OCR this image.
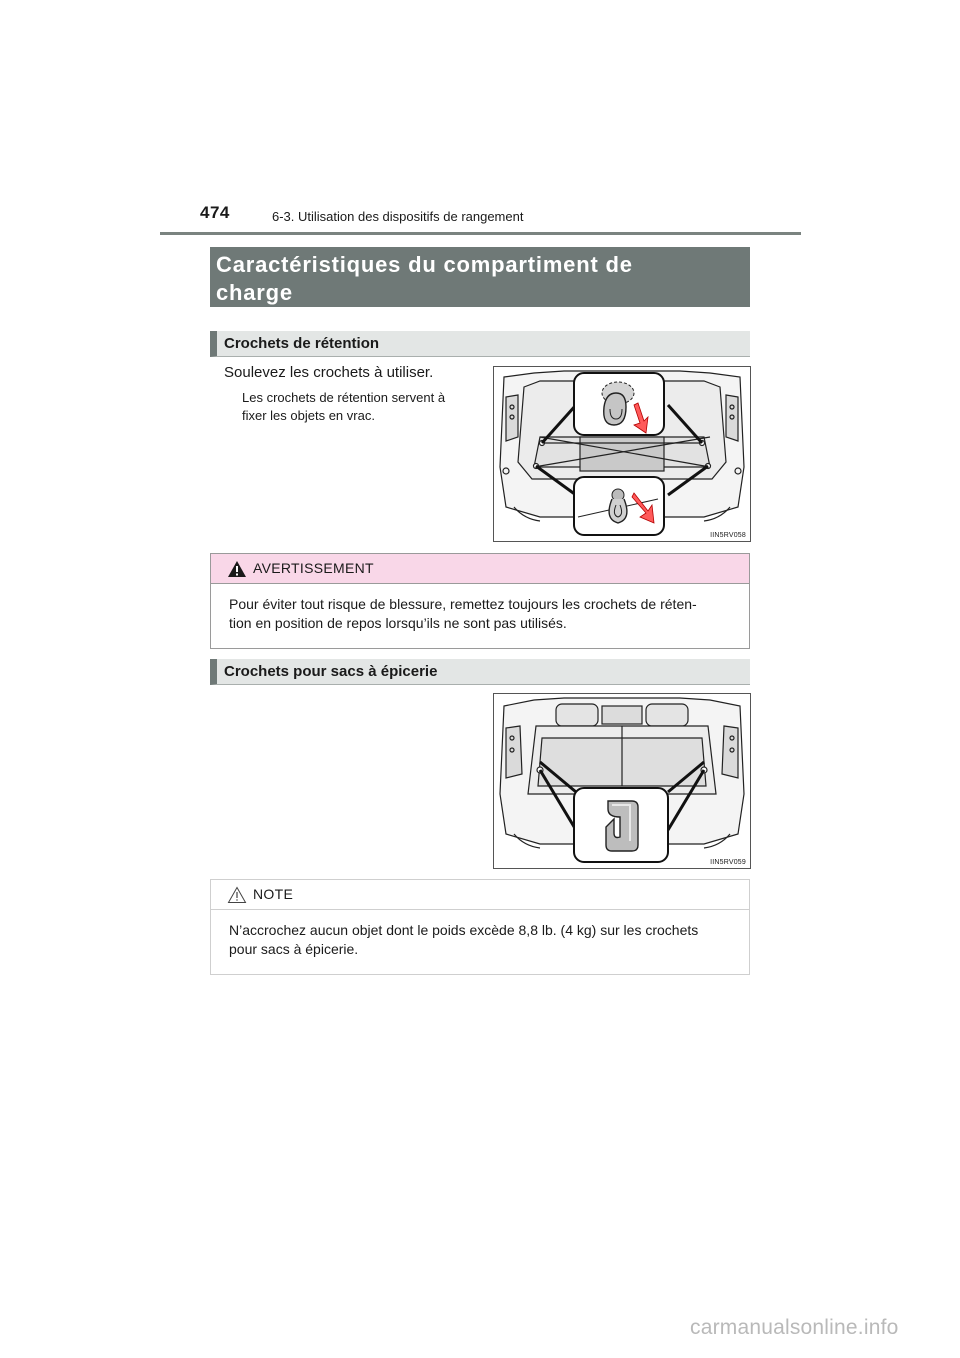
474	6-3. Utilisation des dispositifs de rangement
Caractéristiques du compartiment de
charge
Crochets de rétention
Soulevez les crochets à utiliser.
Les crochets de rétention servent à
fixer les objets en vrac.
IIN5RV058
AVERTISSEMENT
Pour éviter tout risque de blessure, remettez toujours les crochets de réten-
tion en position de repos lorsqu’ils ne sont pas utilisés.
Crochets pour sacs à épicerie
IIN5RV059
NOTE
N’accrochez aucun objet dont le poids excède 8,8 lb. (4 kg) sur les crochets
pour sacs à épicerie.
carmanualsonline.info
